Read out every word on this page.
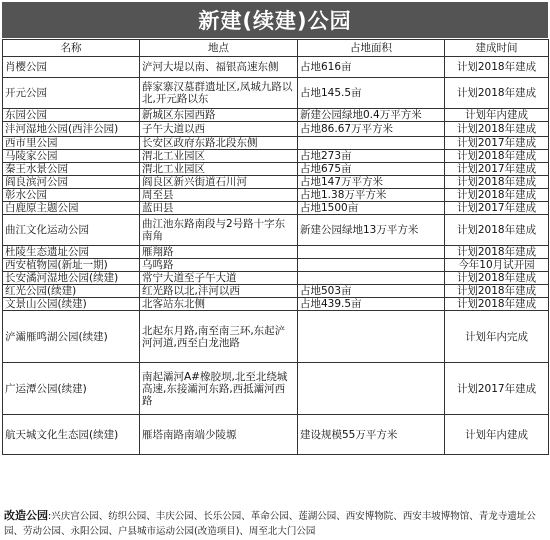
新建(续建)公园
名称	地点	占地面积	建成时间
肖樱公园	浐河大堤以南、福银高速东侧	占地616亩	计划2018年建成
开元公园	薛家寨汉墓群遗址区,凤城九路以北,开元路以东	占地145.5亩	计划2018年建成
东园公园	新城区东园西路	新建公园绿地0.4万平方米	计划年内建成
沣河湿地公园(西沣公园)	子午大道以西	占地86.67万平方米	计划2018年建成
西市里公园	长安区政府东路北段东侧		计划2017年建成
马陵家公园	渭北工业园区	占地273亩	计划2018年建成
秦王水景公园	渭北工业园区	占地675亩	计划2017年建成
阎良滨河公园	阎良区新兴街道石川河	占地147万平方米	计划2018年建成
彰水公园	周至县	占地1.38万平方米	计划2018年建成
白鹿原主题公园	蓝田县	占地1500亩	计划2017年建成
曲江文化运动公园	曲江池东路南段与2号路十字东南角	新建公园绿地13万平方米	计划2018年建成
杜陵生态遗址公园	雁翔路		计划2018年建成
西安植物园(新址一期)	乌鸣路		今年10月试开园
长安潏河湿地公园(续建)	常宁大道至子午大道		计划2018年建成
红光公园(续建)	红光路以北,沣河以西	占地503亩	计划2018年建成
文景山公园(续建)	北客站东北侧	占地439.5亩	计划2018年建成
浐灞雁鸣湖公园(续建)	北起东月路,南至南三环,东起浐河河道,西至白龙池路		计划年内完成
广运潭公园(续建)	南起灞河A#橡胶坝,北至北绕城高速,东接灞河东路,西抵灞河西路		计划2017年建成
航天城文化生态园(续建)	雁塔南路南端少陵塬	建设规模55万平方米	计划年内建成
改造公园:兴庆宫公园、纺织公园、丰庆公园、长乐公园、革命公园、莲湖公园、西安博物院、西安丰坡博物馆、青龙寺遗址公园、劳动公园、永阳公园、户县城市运动公园(改造项目)、周至北大门公园
